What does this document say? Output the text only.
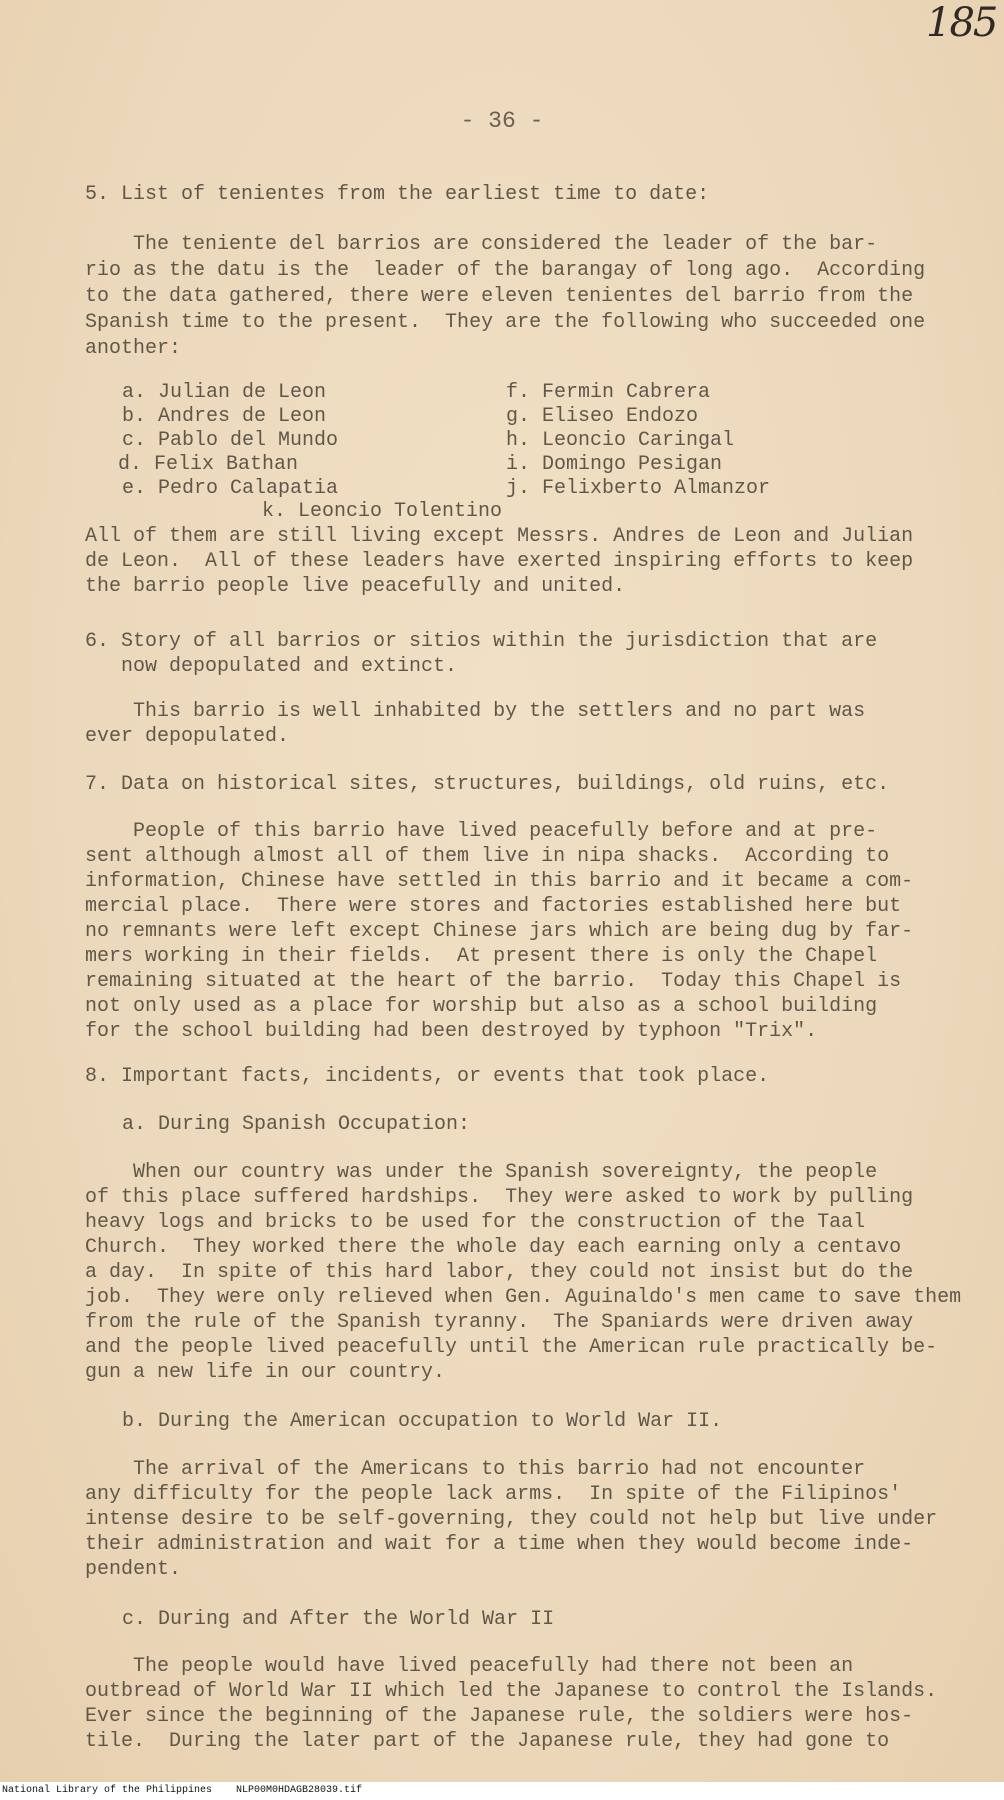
185
- 36 -
5. List of tenientes from the earliest time to date:
The teniente del barrios are considered the leader of the bar-
rio as the datu is the  leader of the barangay of long ago.  According
to the data gathered, there were eleven tenientes del barrio from the
Spanish time to the present.  They are the following who succeeded one
another:
a. Julian de Leon
b. Andres de Leon
c. Pablo del Mundo
d. Felix Bathan
e. Pedro Calapatia
f. Fermin Cabrera
g. Eliseo Endozo
h. Leoncio Caringal
i. Domingo Pesigan
j. Felixberto Almanzor
k. Leoncio Tolentino
All of them are still living except Messrs. Andres de Leon and Julian
de Leon.  All of these leaders have exerted inspiring efforts to keep
the barrio people live peacefully and united.
6. Story of all barrios or sitios within the jurisdiction that are
now depopulated and extinct.
This barrio is well inhabited by the settlers and no part was
ever depopulated.
7. Data on historical sites, structures, buildings, old ruins, etc.
People of this barrio have lived peacefully before and at pre-
sent although almost all of them live in nipa shacks.  According to
information, Chinese have settled in this barrio and it became a com-
mercial place.  There were stores and factories established here but
no remnants were left except Chinese jars which are being dug by far-
mers working in their fields.  At present there is only the Chapel
remaining situated at the heart of the barrio.  Today this Chapel is
not only used as a place for worship but also as a school building
for the school building had been destroyed by typhoon "Trix".
8. Important facts, incidents, or events that took place.
a. During Spanish Occupation:
When our country was under the Spanish sovereignty, the people
of this place suffered hardships.  They were asked to work by pulling
heavy logs and bricks to be used for the construction of the Taal
Church.  They worked there the whole day each earning only a centavo
a day.  In spite of this hard labor, they could not insist but do the
job.  They were only relieved when Gen. Aguinaldo's men came to save them
from the rule of the Spanish tyranny.  The Spaniards were driven away
and the people lived peacefully until the American rule practically be-
gun a new life in our country.
b. During the American occupation to World War II.
The arrival of the Americans to this barrio had not encounter
any difficulty for the people lack arms.  In spite of the Filipinos'
intense desire to be self-governing, they could not help but live under
their administration and wait for a time when they would become inde-
pendent.
c. During and After the World War II
The people would have lived peacefully had there not been an
outbread of World War II which led the Japanese to control the Islands.
Ever since the beginning of the Japanese rule, the soldiers were hos-
tile.  During the later part of the Japanese rule, they had gone to
National Library of the Philippines    NLP00M0HDAGB28039.tif
